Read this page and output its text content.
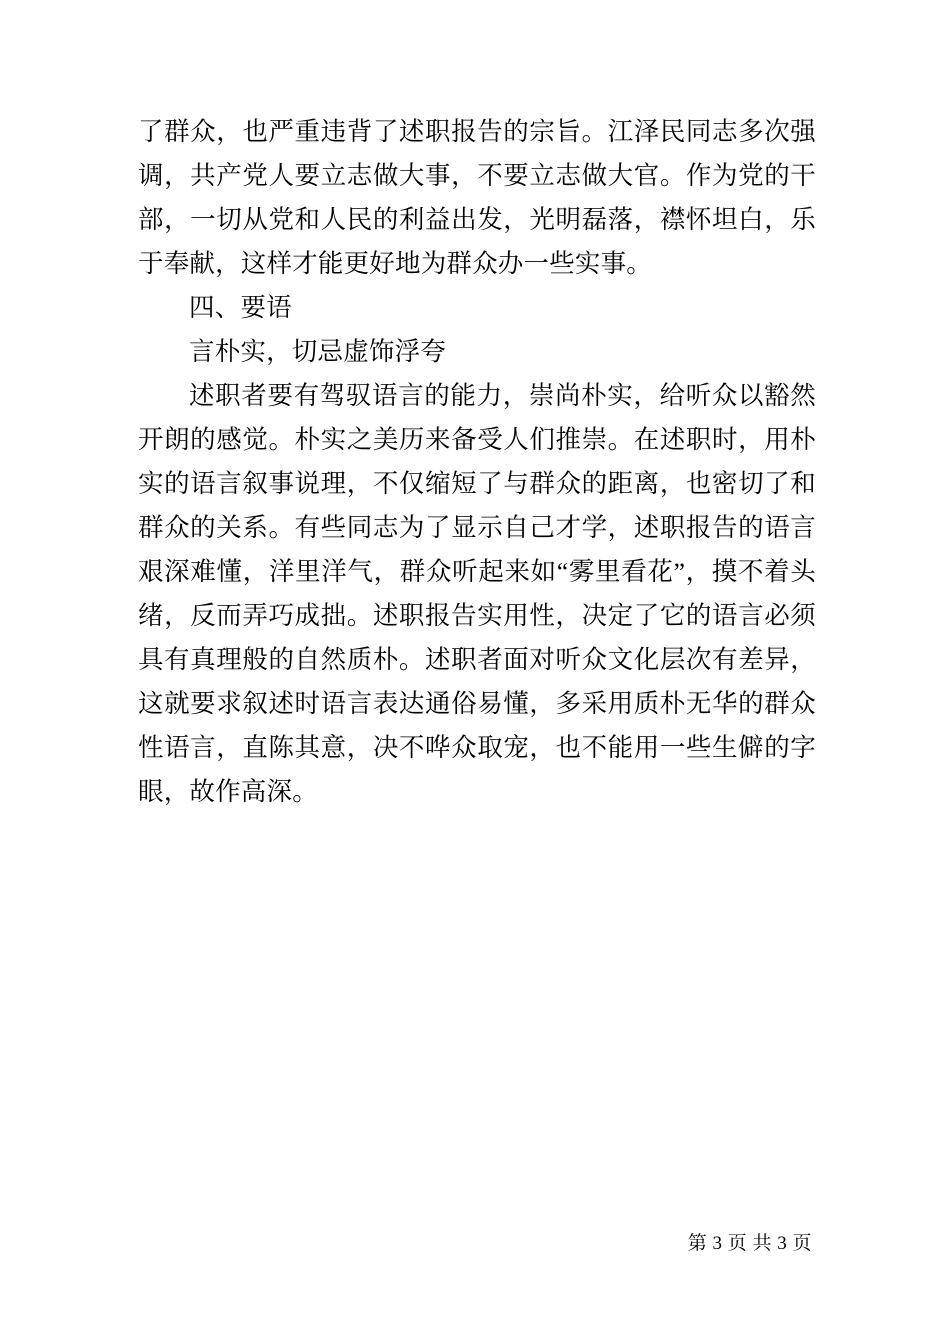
了群众，也严重违背了述职报告的宗旨。江泽民同志多次强调，共产党人要立志做大事，不要立志做大官。作为党的干部，一切从党和人民的利益出发，光明磊落，襟怀坦白，乐于奉献，这样才能更好地为群众办一些实事。

四、要语

言朴实，切忌虚饰浮夸

述职者要有驾驭语言的能力，崇尚朴实，给听众以豁然开朗的感觉。朴实之美历来备受人们推崇。在述职时，用朴实的语言叙事说理，不仅缩短了与群众的距离，也密切了和群众的关系。有些同志为了显示自己才学，述职报告的语言艰深难懂，洋里洋气，群众听起来如“雾里看花”，摸不着头绪，反而弄巧成拙。述职报告实用性，决定了它的语言必须具有真理般的自然质朴。述职者面对听众文化层次有差异，这就要求叙述时语言表达通俗易懂，多采用质朴无华的群众性语言，直陈其意，决不哗众取宠，也不能用一些生僻的字眼，故作高深。

第 3 页 共 3 页
